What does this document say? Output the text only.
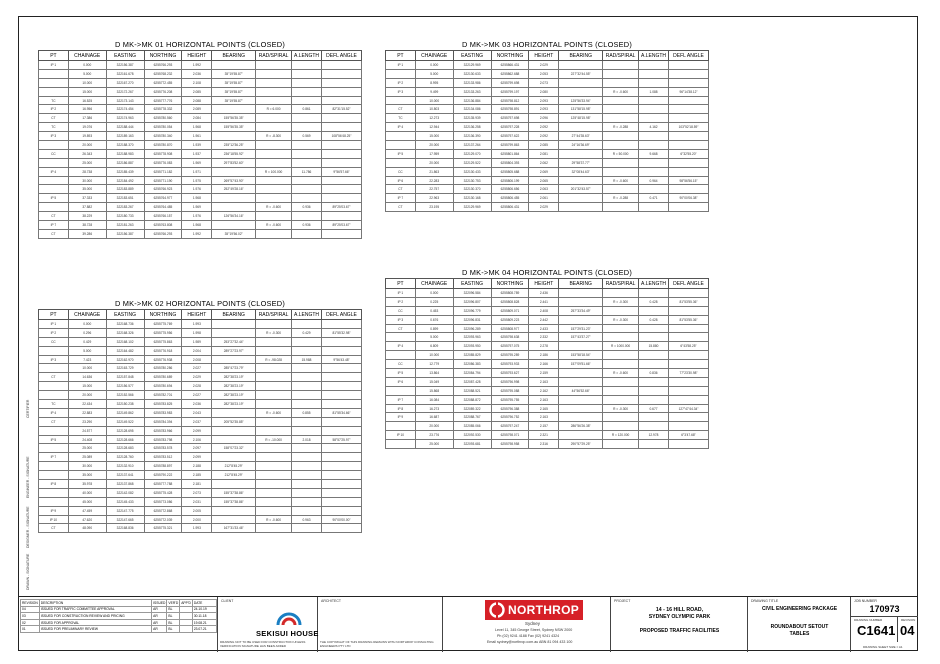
D MK->MK 01 HORIZONTAL POINTS (CLOSED)
PT	CHAINAGE	EASTING	NORTHING	HEIGHT	BEARING	RAD/SPIRAL	A.LENGTH	DEFL ANGLE
IP 1	0.000	322156.387	6255766.293	1.992				
	5.000	322161.678	6255768.232	2.036	35°19'55.87"			
	10.000	322167.270	6255772.455	2.108	35°19'55.87"			
	15.000	322172.267	6255776.208	2.085	35°19'55.87"			
TC	16.525	322173.143	6255777.776	2.088	35°19'55.87"			
IP 2	16.956	322174.454	6255778.332	2.089		R = 6.000	0.861	82°31'15.52"
CT	17.386	322174.963	6255780.560	2.084	155°56'35.35"			
TC	19.076	322188.444	6255780.054	1.968	155°56'35.35"			
IP 3	19.893	322189.163	6255780.340	1.961		R = -8.300	0.569	108°56'48.25"
	20.000	322188.370	6255780.870	1.939	235°12'36.25"			
CC	26.343	322188.983	6255778.908	1.937	236°18'55.92"			
	25.000	322186.887	6255776.083	1.969	297°83'52.60"			
IP 4	28.738	322185.439	6255771.182	1.971		R = 100.000	11.786	9°56'57.66"
	30.000	322184.492	6255771.190	1.975	269°57'43.90"			
	35.000	322183.889	6255766.923	1.976	252°49'28.16"			
IP 5	37.333	322183.651	6255764.977	1.968				
	37.882	322183.267	6255764.485	1.969		R = -0.600	0.936	89°25'03.67"
CT	38.229	322180.733	6255766.157	1.976	126°56'34.16"			
IP 7	38.728	322181.263	6255763.808	1.968		R = -0.600	0.936	89°25'03.67"
CT	39.286	322156.387	6255766.293	1.992	35°19'56.02"			
D MK->MK 02 HORIZONTAL POINTS (CLOSED)
PT	CHAINAGE	EASTING	NORTHING	HEIGHT	BEARING	RAD/SPIRAL	A.LENGTH	DEFL ANGLE
IP 1	0.000	322168.736	6255775.769	1.993				
IP 2	0.296	322168.326	6255775.956	1.998		R = -0.300	0.429	81°55'32.98"
CC	0.429	322168.102	6255775.863	1.989	253°27'32.44"			
	5.000	322164.482	6255776.918	2.004	289°27'23.97"			
IP 3	7.423	322162.970	6255776.938	2.008		R = -98.028	15.988	9°56'43.48"
	10.000	322163.729	6255780.286	2.027	285°47'23.79"			
CT	14.636	322157.848	6255780.689	2.029	282°38'23.19"			
	15.000	322156.577	6255780.694	2.028	282°38'23.19"			
	20.000	322152.566	6255782.701	2.027	282°38'23.19"			
TC	22.434	322150.238	6255783.825	2.036	282°38'23.19"			
IP 4	22.883	322149.862	6255783.983	2.043		R = -0.600	0.855	81°55'34.66"
CT	23.290	322149.522	6255784.394	2.037	205°52'35.85"			
	24.577	322128.695	6255783.966	2.099				
IP 5	24.408	322128.666	6255783.798	2.106		R = -10.000	2.018	58°57'25.97"
	25.000	322128.683	6255783.578	2.097	158°07'23.32"			
IP 7	25.089	322128.760	6255783.512	2.099				
	30.000	322132.910	6255788.897	2.188	212°8'45.29"			
	35.000	322137.641	6255790.222	2.185	212°8'45.29"			
IP 8	35.978	322137.868	6255777.788	2.181				
	40.000	322142.082	6255775.428	2.073	155°37'38.86"			
	45.000	322145.433	6255773.086	2.031	155°37'38.86"			
IP 9	47.459	322147.775	6255772.868	2.005				
IP 10	47.620	322147.665	6255772.039	2.000		R = -0.600	0.963	90°00'00.00"
CT	48.090	322168.836	6255775.321	1.993	167°31'33.46"			
D MK->MK 03 HORIZONTAL POINTS (CLOSED)
PT	CHAINAGE	EASTING	NORTHING	HEIGHT	BEARING	RAD/SPIRAL	A.LENGTH	DEFL ANGLE
IP 1	0.000	322129.969	6255866.431	2.029				
	5.000	322130.633	6255862.688	2.053	227°32'44.55"			
IP 2	8.995	322133.986	6255799.698	2.073				
IP 3	9.499	322133.263	6255799.197	2.080		R = -0.600	1.088	96°14'38.12"
	10.000	322136.884	6255798.812	2.093	125°56'33.94"			
CT	10.803	322134.086	6255798.891	2.093	131°58'15.98"			
TC	12.273	322135.939	6255797.698	2.096	125°48'15.98"			
IP 4	12.944	322136.258	6255797.228	2.092		R = -0.288	4.162	103°52'18.59"
	15.000	322136.390	6255797.622	2.092	27°44'35.63"			
	20.000	322137.264	6255799.863	2.085	24°16'36.69"			
IP 5	17.959	322129.070	6255801.864	2.081		R = 50.000	9.668	6°32'55.20"
	20.000	322129.522	6255804.393	2.062	29°58'37.77"			
CC	21.863	322130.433	6255805.688	2.069	32°08'44.63"			
IP 6	22.283	322130.753	6255806.199	2.065		R = -0.600	0.964	98°56'56.15"
CT	22.757	322130.370	6255806.656	2.063	201°32'43.57"			
IP 7	22.963	322130.168	6255806.455	2.061		R = -0.288	0.471	90°00'06.38"
CT	23.195	322129.969	6255806.431	2.029				
D MK->MK 04 HORIZONTAL POINTS (CLOSED)
PT	CHAINAGE	EASTING	NORTHING	HEIGHT	BEARING	RAD/SPIRAL	A.LENGTH	DEFL ANGLE
IP 1	0.000	322096.584	6255808.789	2.436				
IP 2	0.225	322096.807	6255808.828	2.441		R = -0.300	0.428	81°53'55.36"
CC	0.453	322096.779	6255809.071	2.408	257°33'34.49"			
IP 3	0.676	322096.831	6255809.223	2.442		R = -0.300	0.428	81°53'55.36"
CT	0.899	322096.289	6255808.977	2.433	157°29'31.23"			
	5.000	322093.963	6255798.638	2.332	157°43'37.27"			
IP 4	6.809	322093.950	6255797.075	2.278		R = 1000.000	15.880	6°43'58.25"
	10.000	322085.829	6255795.289	2.186	153°58'18.54"			
CC	12.779	322086.383	6255793.933	2.166	157°09'51.66"			
IP 5	13.864	322084.794	6255793.627	2.159		R = -0.600	0.836	77°23'30.98"
IP 6	15.049	322087.428	6255796.998	2.163				
	15.868	322088.521	6255795.088	2.162	44°56'52.66"			
IP 7	16.084	322088.872	6255795.755	2.163				
IP 8	16.273	322089.322	6255796.388	2.165		R = -0.300	0.677	127°47'44.34"
IP 9	16.687	322088.767	6255796.752	2.163				
	20.000	322085.066	6255797.247	2.157	286°56'26.38"			
IP 10	23.776	322092.530	6255798.071	2.321		R = 120.000	12.978	6°3'47.68"
	25.000	322093.681	6255798.958	2.316	290°57'29.25"			
CERTIFIER
ENGINEER - SIGNATURE
DESIGNER - SIGNATURE
DRAWN - SIGNATURE
REVISION	DESCRIPTION	ISSUED	VER'D	APP'D	DATE
04	ISSUED FOR TRAFFIC COMMITTEE APPROVAL	AR	BL		24.10.19
03	ISSUED FOR CONSTRUCTION REVIEW AND PRICING	AR	BL		30.11.18
02	ISSUED FOR APPROVAL	AR	BL		19.08.21
01	ISSUED FOR PRELIMINARY REVIEW	AR	BL		23.07.21
CLIENT
SEKISUI HOUSE
DRAWING NOT TO BE USED FOR CONSTRUCTION UNLESS VERIFICATION SIGNATURE HAS BEEN ADDED
ARCHITECT
THE COPYRIGHT OF THIS DRAWING REMAINS WITH NORTHROP CONSULTING ENGINEERS PTY LTD
NORTHROP
Sydney
Level 11, 345 George Street, Sydney NSW 2000
Ph (02) 9241 4188 Fax (02) 9241 4324
Email sydney@northrop.com.au ABN 81 094 433 100
PROJECT
14 - 16 HILL ROAD,
SYDNEY OLYMPIC PARK
PROPOSED TRAFFIC FACILITIES
DRAWING TITLE
CIVIL ENGINEERING PACKAGE
ROUNDABOUT SETOUT
TABLES
JOB NUMBER
170973
DRAWING NUMBER	REVISION
C1641 04
DRAWING SHEET SIZE = A1
